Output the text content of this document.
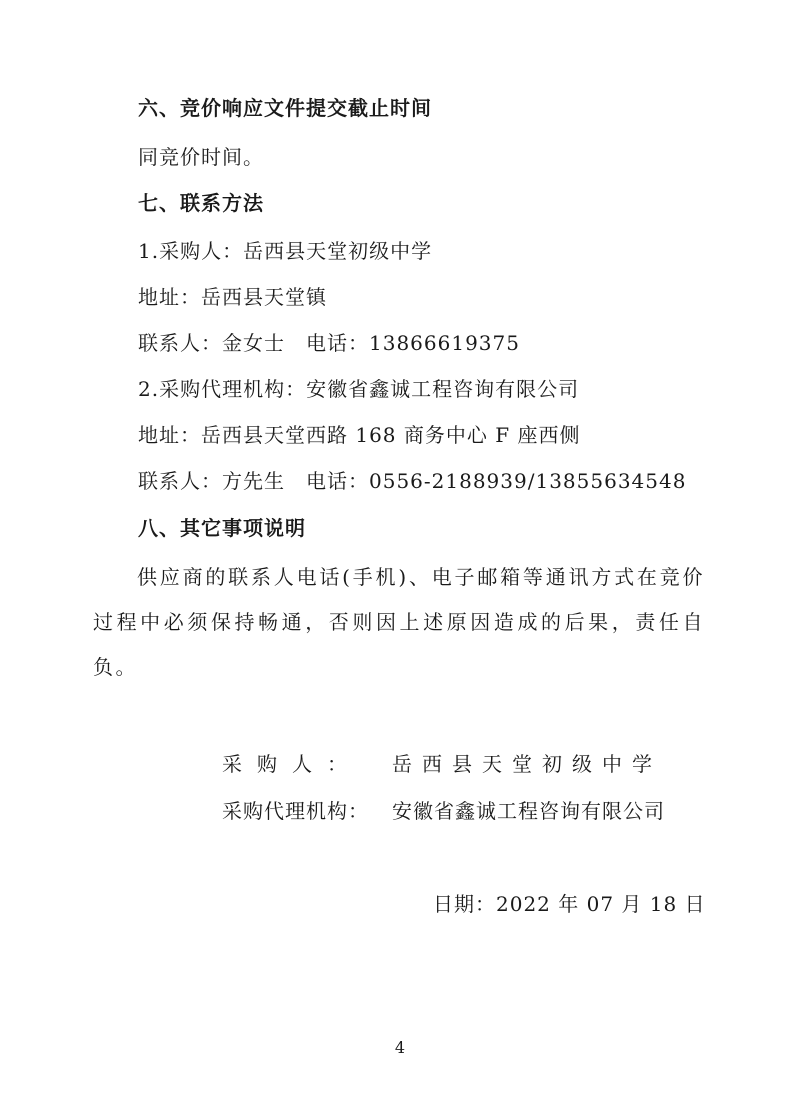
六、竞价响应文件提交截止时间
同竞价时间。
七、联系方法
1.采购人：岳西县天堂初级中学
地址：岳西县天堂镇
联系人：金女士　电话：13866619375
2.采购代理机构：安徽省鑫诚工程咨询有限公司
地址：岳西县天堂西路 168 商务中心 F 座西侧
联系人：方先生　电话：0556-2188939/13855634548
八、其它事项说明
供应商的联系人电话(手机)、电子邮箱等通讯方式在竞价过程中必须保持畅通，否则因上述原因造成的后果，责任自负。
采购人： 岳西县天堂初级中学
采购代理机构： 安徽省鑫诚工程咨询有限公司
日期：2022 年 07 月 18 日
4
